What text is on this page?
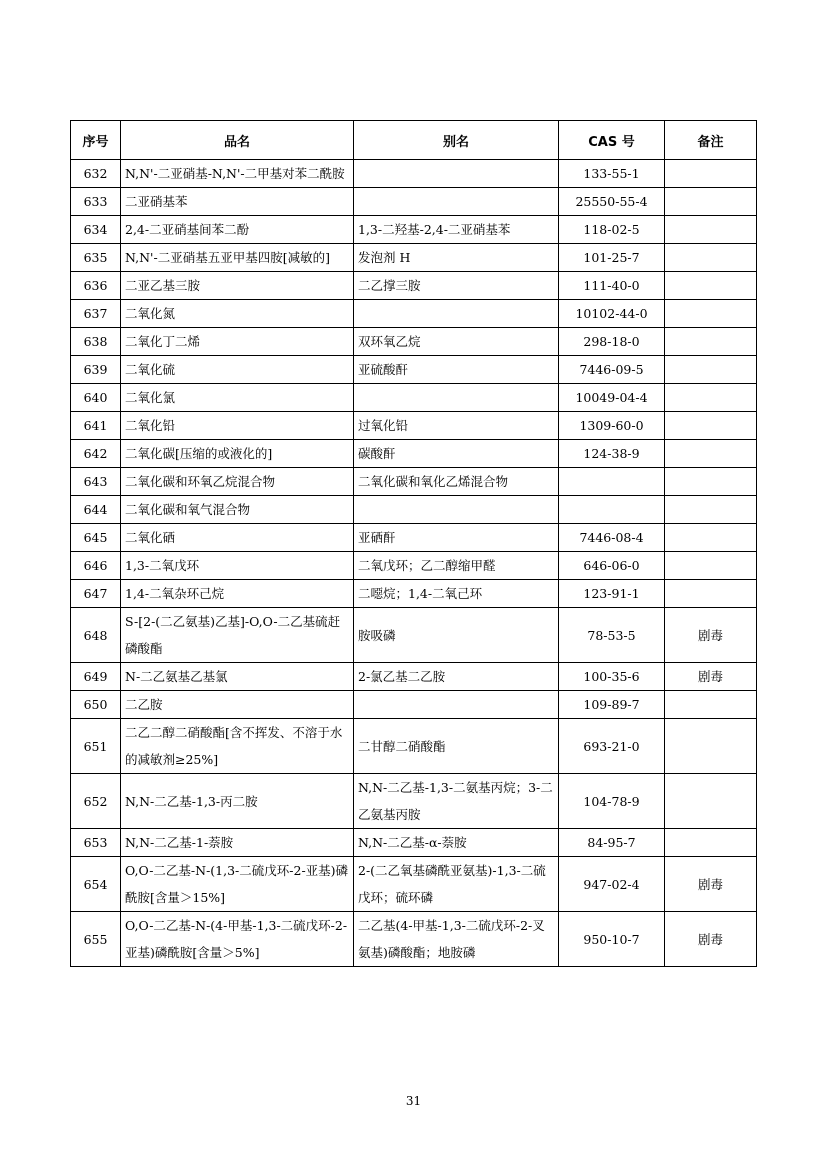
序号	品名	别名	CAS 号	备注
632	N,N'-二亚硝基-N,N'-二甲基对苯二酰胺		133-55-1	
633	二亚硝基苯		25550-55-4	
634	2,4-二亚硝基间苯二酚	1,3-二羟基-2,4-二亚硝基苯	118-02-5	
635	N,N'-二亚硝基五亚甲基四胺[减敏的]	发泡剂 H	101-25-7	
636	二亚乙基三胺	二乙撑三胺	111-40-0	
637	二氧化氮		10102-44-0	
638	二氧化丁二烯	双环氧乙烷	298-18-0	
639	二氧化硫	亚硫酸酐	7446-09-5	
640	二氧化氯		10049-04-4	
641	二氧化铅	过氧化铅	1309-60-0	
642	二氧化碳[压缩的或液化的]	碳酸酐	124-38-9	
643	二氧化碳和环氧乙烷混合物	二氧化碳和氧化乙烯混合物		
644	二氧化碳和氧气混合物			
645	二氧化硒	亚硒酐	7446-08-4	
646	1,3-二氧戊环	二氧戊环；乙二醇缩甲醛	646-06-0	
647	1,4-二氧杂环己烷	二噁烷；1,4-二氧己环	123-91-1	
648	S-[2-(二乙氨基)乙基]-O,O-二乙基硫赶磷酸酯	胺吸磷	78-53-5	剧毒
649	N-二乙氨基乙基氯	2-氯乙基二乙胺	100-35-6	剧毒
650	二乙胺		109-89-7	
651	二乙二醇二硝酸酯[含不挥发、不溶于水的减敏剂≥25%]	二甘醇二硝酸酯	693-21-0	
652	N,N-二乙基-1,3-丙二胺	N,N-二乙基-1,3-二氨基丙烷；3-二乙氨基丙胺	104-78-9	
653	N,N-二乙基-1-萘胺	N,N-二乙基-α-萘胺	84-95-7	
654	O,O-二乙基-N-(1,3-二硫戊环-2-亚基)磷酰胺[含量＞15%]	2-(二乙氧基磷酰亚氨基)-1,3-二硫戊环；硫环磷	947-02-4	剧毒
655	O,O-二乙基-N-(4-甲基-1,3-二硫戊环-2-亚基)磷酰胺[含量＞5%]	二乙基(4-甲基-1,3-二硫戊环-2-叉氨基)磷酸酯；地胺磷	950-10-7	剧毒
31
